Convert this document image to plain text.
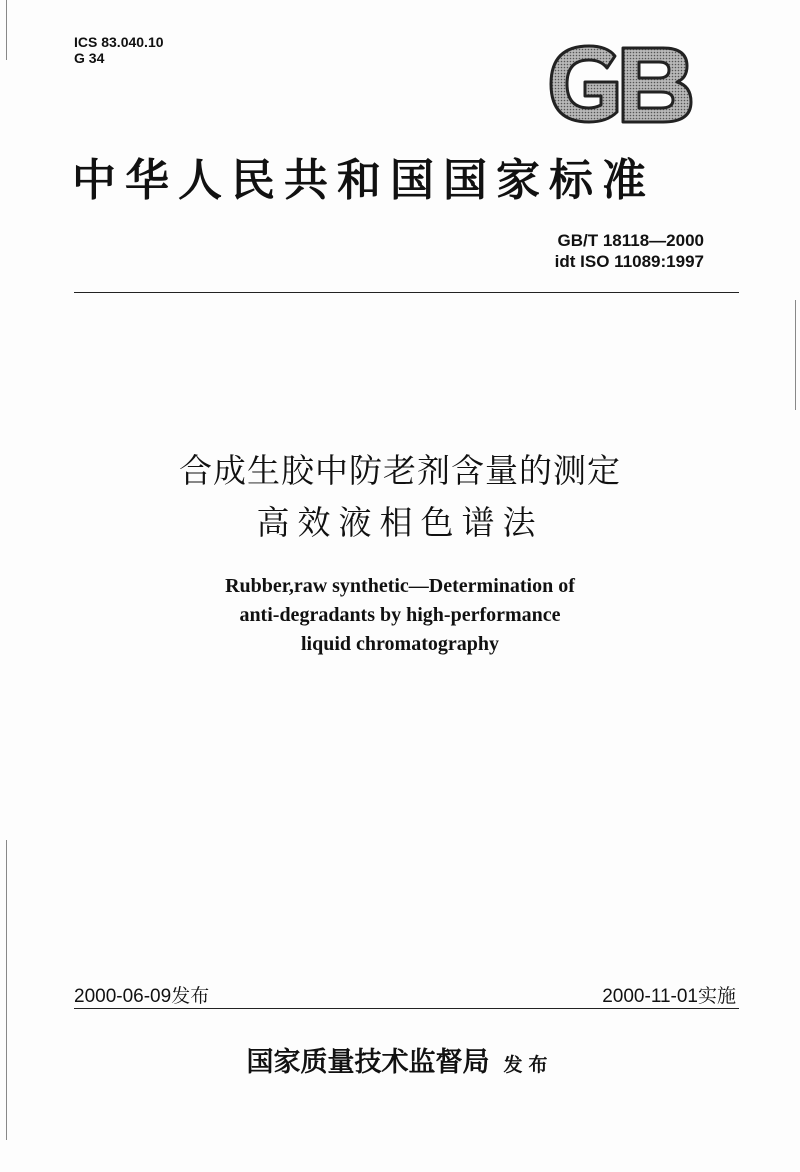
ICS 83.040.10
G 34
GB
中华人民共和国国家标准
GB/T 18118—2000
idt ISO 11089:1997
合成生胶中防老剂含量的测定
高效液相色谱法
Rubber,raw synthetic—Determination of
anti-degradants by high-performance
liquid chromatography
2000-06-09发布	2000-11-01实施
国家质量技术监督局 发布
